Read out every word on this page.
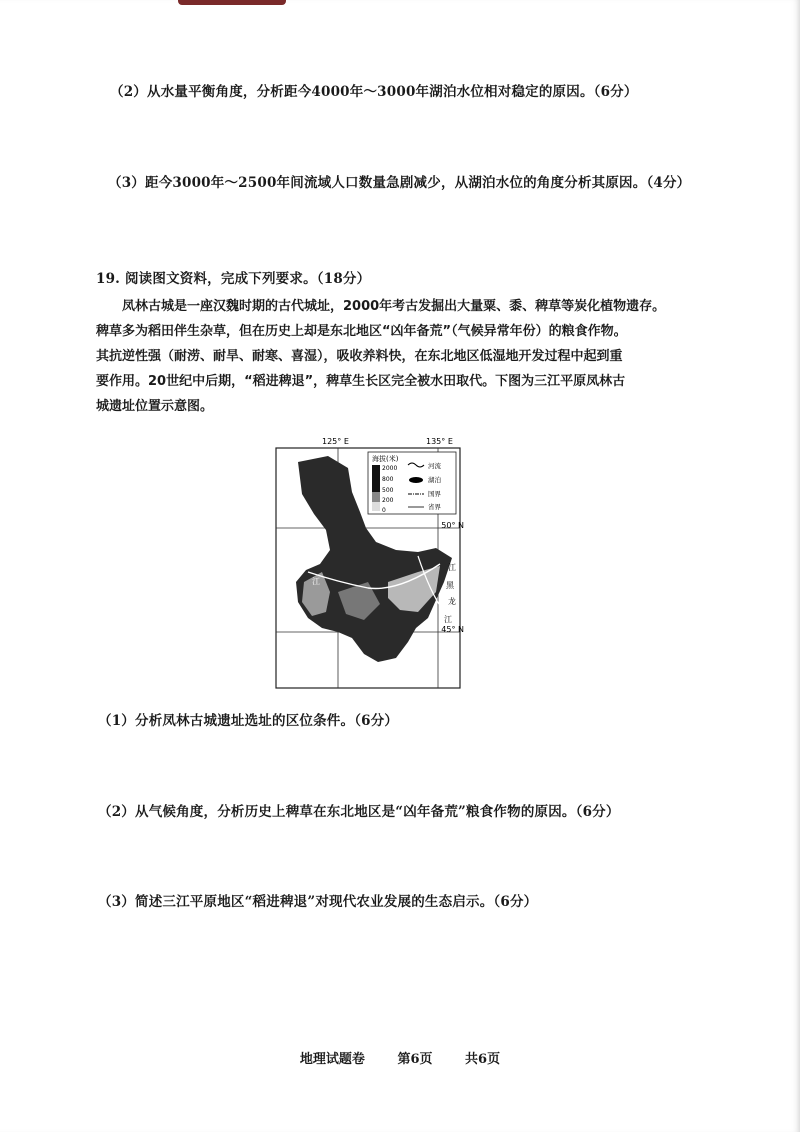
（2）从水量平衡角度，分析距今4000年～3000年湖泊水位相对稳定的原因。（6分）
（3）距今3000年～2500年间流域人口数量急剧减少，从湖泊水位的角度分析其原因。（4分）
19. 阅读图文资料，完成下列要求。（18分）
凤林古城是一座汉魏时期的古代城址，2000年考古发掘出大量粟、黍、稗草等炭化植物遗存。
稗草多为稻田伴生杂草，但在历史上却是东北地区“凶年备荒”（气候异常年份）的粮食作物。
其抗逆性强（耐涝、耐旱、耐寒、喜湿），吸收养料快，在东北地区低湿地开发过程中起到重
要作用。20世纪中后期，“稻进稗退”，稗草生长区完全被水田取代。下图为三江平原凤林古
城遗址位置示意图。
125° E	135° E
江
江
黑
龙
江
50° N
45° N
海拔(米)
2000
800
500
200
0
河流
湖泊
国界
省界
（1）分析凤林古城遗址选址的区位条件。（6分）
（2）从气候角度，分析历史上稗草在东北地区是“凶年备荒”粮食作物的原因。（6分）
（3）简述三江平原地区“稻进稗退”对现代农业发展的生态启示。（6分）
地理试题卷	第6页	共6页
